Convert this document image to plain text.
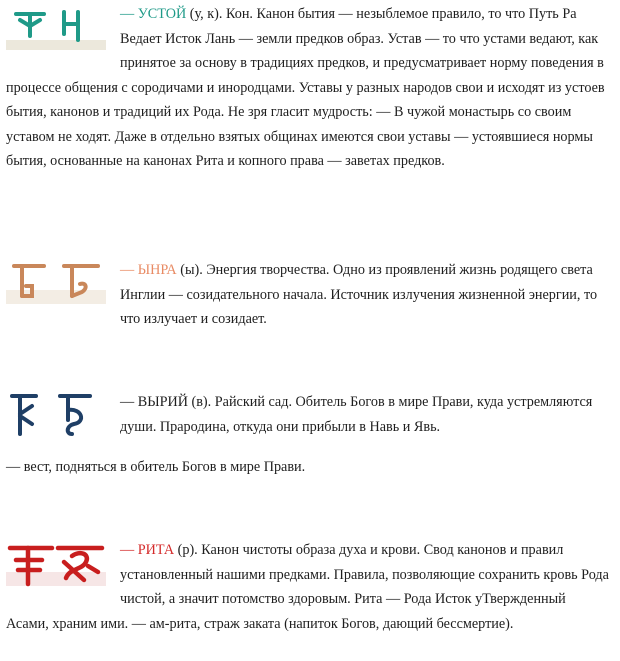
— УСТОЙ (у, к). Кон. Канон бытия — незыблемое правило, то что Путь Ра Ведает Исток Лань — земли предков образ. Устав — то что устами ведают, как принятое за основу в традициях предков, и предусматривает норму поведения в процессе общения с сородичами и инородцами. Уставы у разных народов свои и исходят из устоев бытия, канонов и традиций их Рода. Не зря гласит мудрость: — В чужой монастырь со своим уставом не ходят. Даже в отдельно взятых общинах имеются свои уставы — устоявшиеся нормы бытия, основанные на канонах Рита и копного права — заветах предков.

— ЫНРА (ы). Энергия творчества. Одно из проявлений жизнь родящего света Инглии — созидательного начала. Источник излучения жизненной энергии, то что излучает и созидает.

— ВЫРИЙ (в). Райский сад. Обитель Богов в мире Прави, куда устремляются души. Прародина, откуда они прибыли в Навь и Явь.

— вест, подняться в обитель Богов в мире Прави.

— РИТА (р). Канон чистоты образа духа и крови. Свод канонов и правил установленный нашими предками. Правила, позволяющие сохранить кровь Рода чистой, а значит потомство здоровым. Рита — Рода Исток уТвержденный Асами, храним ими. — ам-рита, страж заката (напиток Богов, дающий бессмертие).
